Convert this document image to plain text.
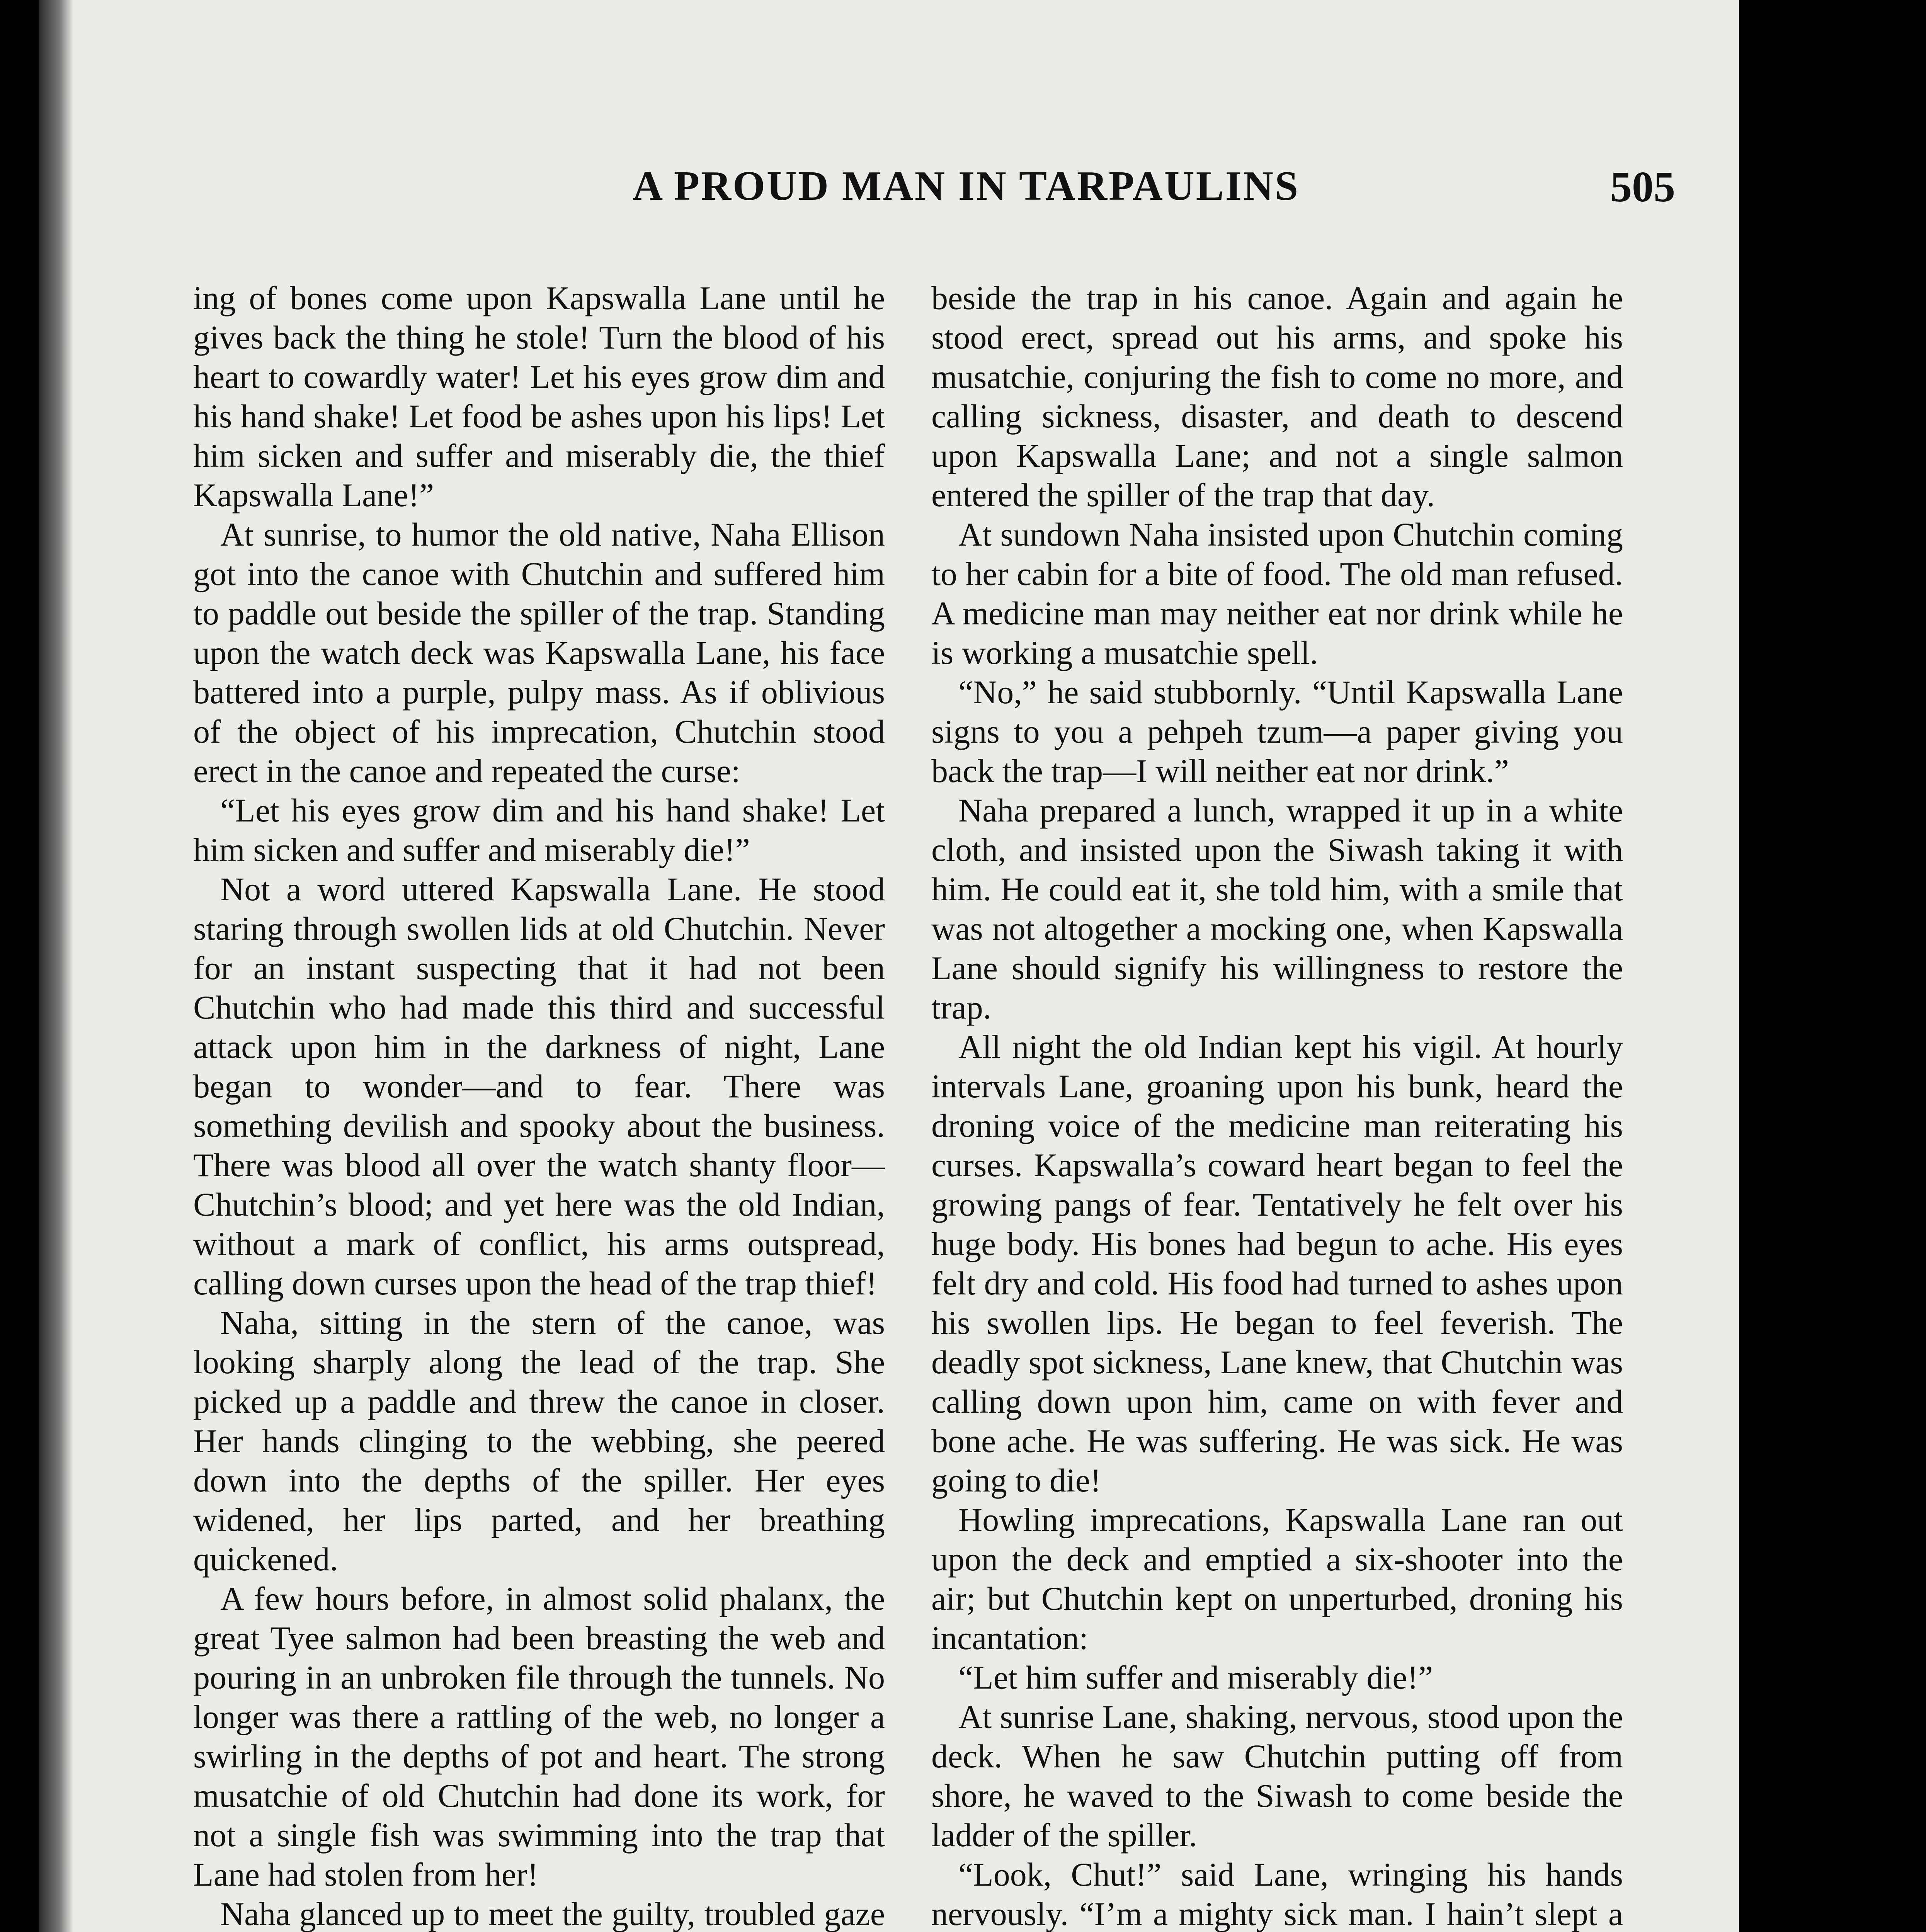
A PROUD MAN IN TARPAULINS	505

ing of bones come upon Kapswalla Lane until he gives back the thing he stole! Turn the blood of his heart to cowardly water! Let his eyes grow dim and his hand shake! Let food be ashes upon his lips! Let him sicken and suffer and miserably die, the thief Kapswalla Lane!”

At sunrise, to humor the old native, Naha Ellison got into the canoe with Chutchin and suffered him to paddle out beside the spiller of the trap. Standing upon the watch deck was Kapswalla Lane, his face battered into a purple, pulpy mass. As if oblivious of the object of his imprecation, Chutchin stood erect in the canoe and repeated the curse:

“Let his eyes grow dim and his hand shake! Let him sicken and suffer and miserably die!”

Not a word uttered Kapswalla Lane. He stood staring through swollen lids at old Chutchin. Never for an instant suspecting that it had not been Chutchin who had made this third and successful attack upon him in the darkness of night, Lane began to wonder—and to fear. There was something devilish and spooky about the business. There was blood all over the watch shanty floor—Chutchin’s blood; and yet here was the old Indian, without a mark of conflict, his arms outspread, calling down curses upon the head of the trap thief!

Naha, sitting in the stern of the canoe, was looking sharply along the lead of the trap. She picked up a paddle and threw the canoe in closer. Her hands clinging to the webbing, she peered down into the depths of the spiller. Her eyes widened, her lips parted, and her breathing quickened.

A few hours before, in almost solid phalanx, the great Tyee salmon had been breasting the web and pouring in an unbroken file through the tunnels. No longer was there a rattling of the web, no longer a swirling in the depths of pot and heart. The strong musatchie of old Chutchin had done its work, for not a single fish was swimming into the trap that Lane had stolen from her!

Naha glanced up to meet the guilty, troubled gaze

beside the trap in his canoe. Again and again he stood erect, spread out his arms, and spoke his musatchie, conjuring the fish to come no more, and calling sickness, disaster, and death to descend upon Kapswalla Lane; and not a single salmon entered the spiller of the trap that day.

At sundown Naha insisted upon Chutchin coming to her cabin for a bite of food. The old man refused. A medicine man may neither eat nor drink while he is working a musatchie spell.

“No,” he said stubbornly. “Until Kapswalla Lane signs to you a pehpeh tzum—a paper giving you back the trap—I will neither eat nor drink.”

Naha prepared a lunch, wrapped it up in a white cloth, and insisted upon the Siwash taking it with him. He could eat it, she told him, with a smile that was not altogether a mocking one, when Kapswalla Lane should signify his willingness to restore the trap.

All night the old Indian kept his vigil. At hourly intervals Lane, groaning upon his bunk, heard the droning voice of the medicine man reiterating his curses. Kapswalla’s coward heart began to feel the growing pangs of fear. Tentatively he felt over his huge body. His bones had begun to ache. His eyes felt dry and cold. His food had turned to ashes upon his swollen lips. He began to feel feverish. The deadly spot sickness, Lane knew, that Chutchin was calling down upon him, came on with fever and bone ache. He was suffering. He was sick. He was going to die!

Howling imprecations, Kapswalla Lane ran out upon the deck and emptied a six-shooter into the air; but Chutchin kept on unperturbed, droning his incantation:

“Let him suffer and miserably die!”

At sunrise Lane, shaking, nervous, stood upon the deck. When he saw Chutchin putting off from shore, he waved to the Siwash to come beside the ladder of the spiller.

“Look, Chut!” said Lane, wringing his hands nervously. “I’m a mighty sick man. I hain’t slept a
